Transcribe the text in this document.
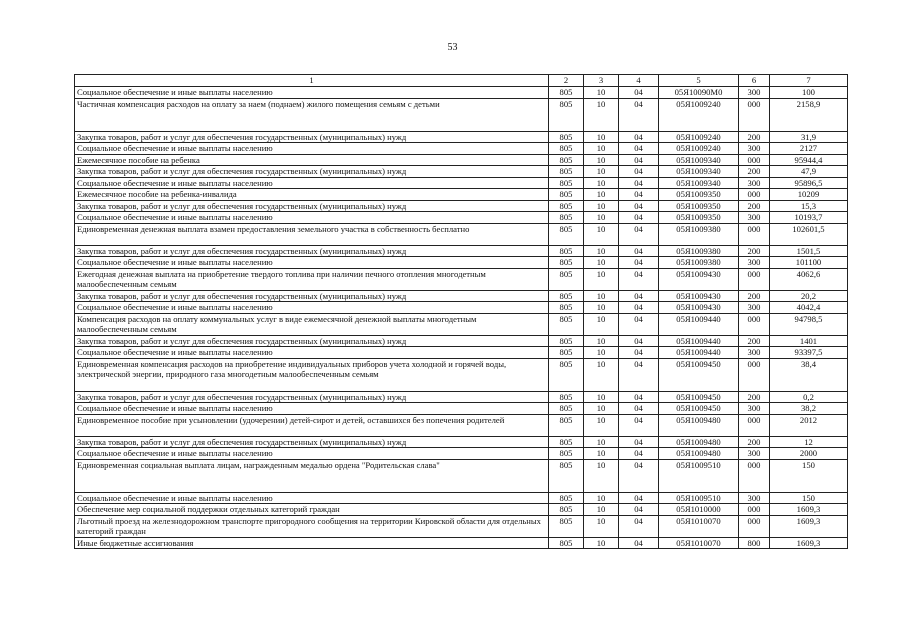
53
1	2	3	4	5	6	7
Социальное обеспечение и иные выплаты населению	805	10	04	05Я10090М0	300	100
Частичная компенсация расходов на оплату за наем (поднаем) жилого помещения семьям с детьми	805	10	04	05Я1009240	000	2158,9
Закупка товаров, работ и услуг для обеспечения государственных (муниципальных) нужд	805	10	04	05Я1009240	200	31,9
Социальное обеспечение и иные выплаты населению	805	10	04	05Я1009240	300	2127
Ежемесячное пособие на ребенка	805	10	04	05Я1009340	000	95944,4
Закупка товаров, работ и услуг для обеспечения государственных (муниципальных) нужд	805	10	04	05Я1009340	200	47,9
Социальное обеспечение и иные выплаты населению	805	10	04	05Я1009340	300	95896,5
Ежемесячное пособие на ребенка-инвалида	805	10	04	05Я1009350	000	10209
Закупка товаров, работ и услуг для обеспечения государственных (муниципальных) нужд	805	10	04	05Я1009350	200	15,3
Социальное обеспечение и иные выплаты населению	805	10	04	05Я1009350	300	10193,7
Единовременная денежная выплата взамен предоставления земельного участка в собственность бесплатно	805	10	04	05Я1009380	000	102601,5
Закупка товаров, работ и услуг для обеспечения государственных (муниципальных) нужд	805	10	04	05Я1009380	200	1501,5
Социальное обеспечение и иные выплаты населению	805	10	04	05Я1009380	300	101100
Ежегодная денежная выплата на приобретение твердого топлива при наличии печного отопления многодетным малообеспеченным семьям	805	10	04	05Я1009430	000	4062,6
Закупка товаров, работ и услуг для обеспечения государственных (муниципальных) нужд	805	10	04	05Я1009430	200	20,2
Социальное обеспечение и иные выплаты населению	805	10	04	05Я1009430	300	4042,4
Компенсация расходов на оплату коммунальных услуг в виде ежемесячной денежной выплаты многодетным малообеспеченным семьям	805	10	04	05Я1009440	000	94798,5
Закупка товаров, работ и услуг для обеспечения государственных (муниципальных) нужд	805	10	04	05Я1009440	200	1401
Социальное обеспечение и иные выплаты населению	805	10	04	05Я1009440	300	93397,5
Единовременная компенсация расходов на приобретение индивидуальных приборов учета холодной и горячей воды, электрической энергии, природного газа многодетным малообеспеченным семьям	805	10	04	05Я1009450	000	38,4
Закупка товаров, работ и услуг для обеспечения государственных (муниципальных) нужд	805	10	04	05Я1009450	200	0,2
Социальное обеспечение и иные выплаты населению	805	10	04	05Я1009450	300	38,2
Единовременное пособие при усыновлении (удочерении) детей-сирот и детей, оставшихся без попечения родителей	805	10	04	05Я1009480	000	2012
Закупка товаров, работ и услуг для обеспечения государственных (муниципальных) нужд	805	10	04	05Я1009480	200	12
Социальное обеспечение и иные выплаты населению	805	10	04	05Я1009480	300	2000
Единовременная социальная выплата лицам, награжденным медалью ордена "Родительская слава"	805	10	04	05Я1009510	000	150
Социальное обеспечение и иные выплаты населению	805	10	04	05Я1009510	300	150
Обеспечение мер социальной поддержки отдельных категорий граждан	805	10	04	05Я1010000	000	1609,3
Льготный проезд на железнодорожном транспорте пригородного сообщения на территории Кировской области для отдельных категорий граждан	805	10	04	05Я1010070	000	1609,3
Иные бюджетные ассигнования	805	10	04	05Я1010070	800	1609,3
